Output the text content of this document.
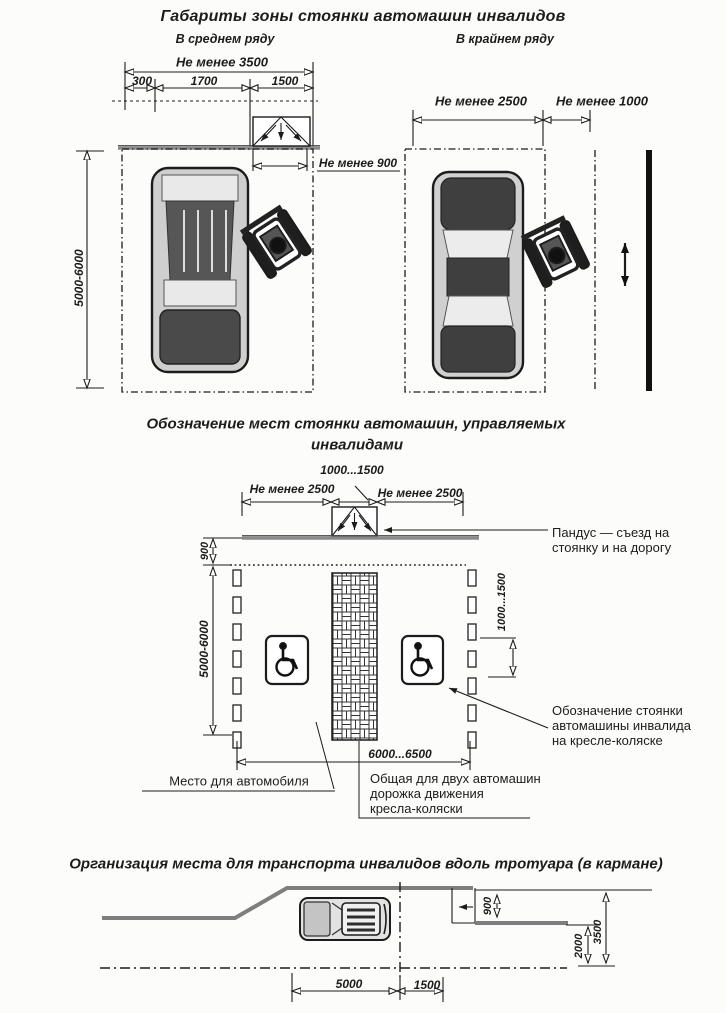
Габариты зоны стоянки автомашин инвалидов
В среднем ряду	В крайнем ряду
Не менее 3500
300	1700	1500
Не менее 900
5000-6000
Не менее 2500 Не менее 1000
Обозначение мест стоянки автомашин, управляемых
инвалидами
1000...1500
Не менее 2500	Не менее 2500
900
5000-6000
1000...1500
6000...6500
Пандус — съезд на
стоянку и на дорогу
Обозначение стоянки
автомашины инвалида
на кресле-коляске
Место для автомобиля	Общая для двух автомашин
дорожка движения
кресла-коляски
Организация места для транспорта инвалидов вдоль тротуара (в кармане)
900
2000
3500
5000	1500
